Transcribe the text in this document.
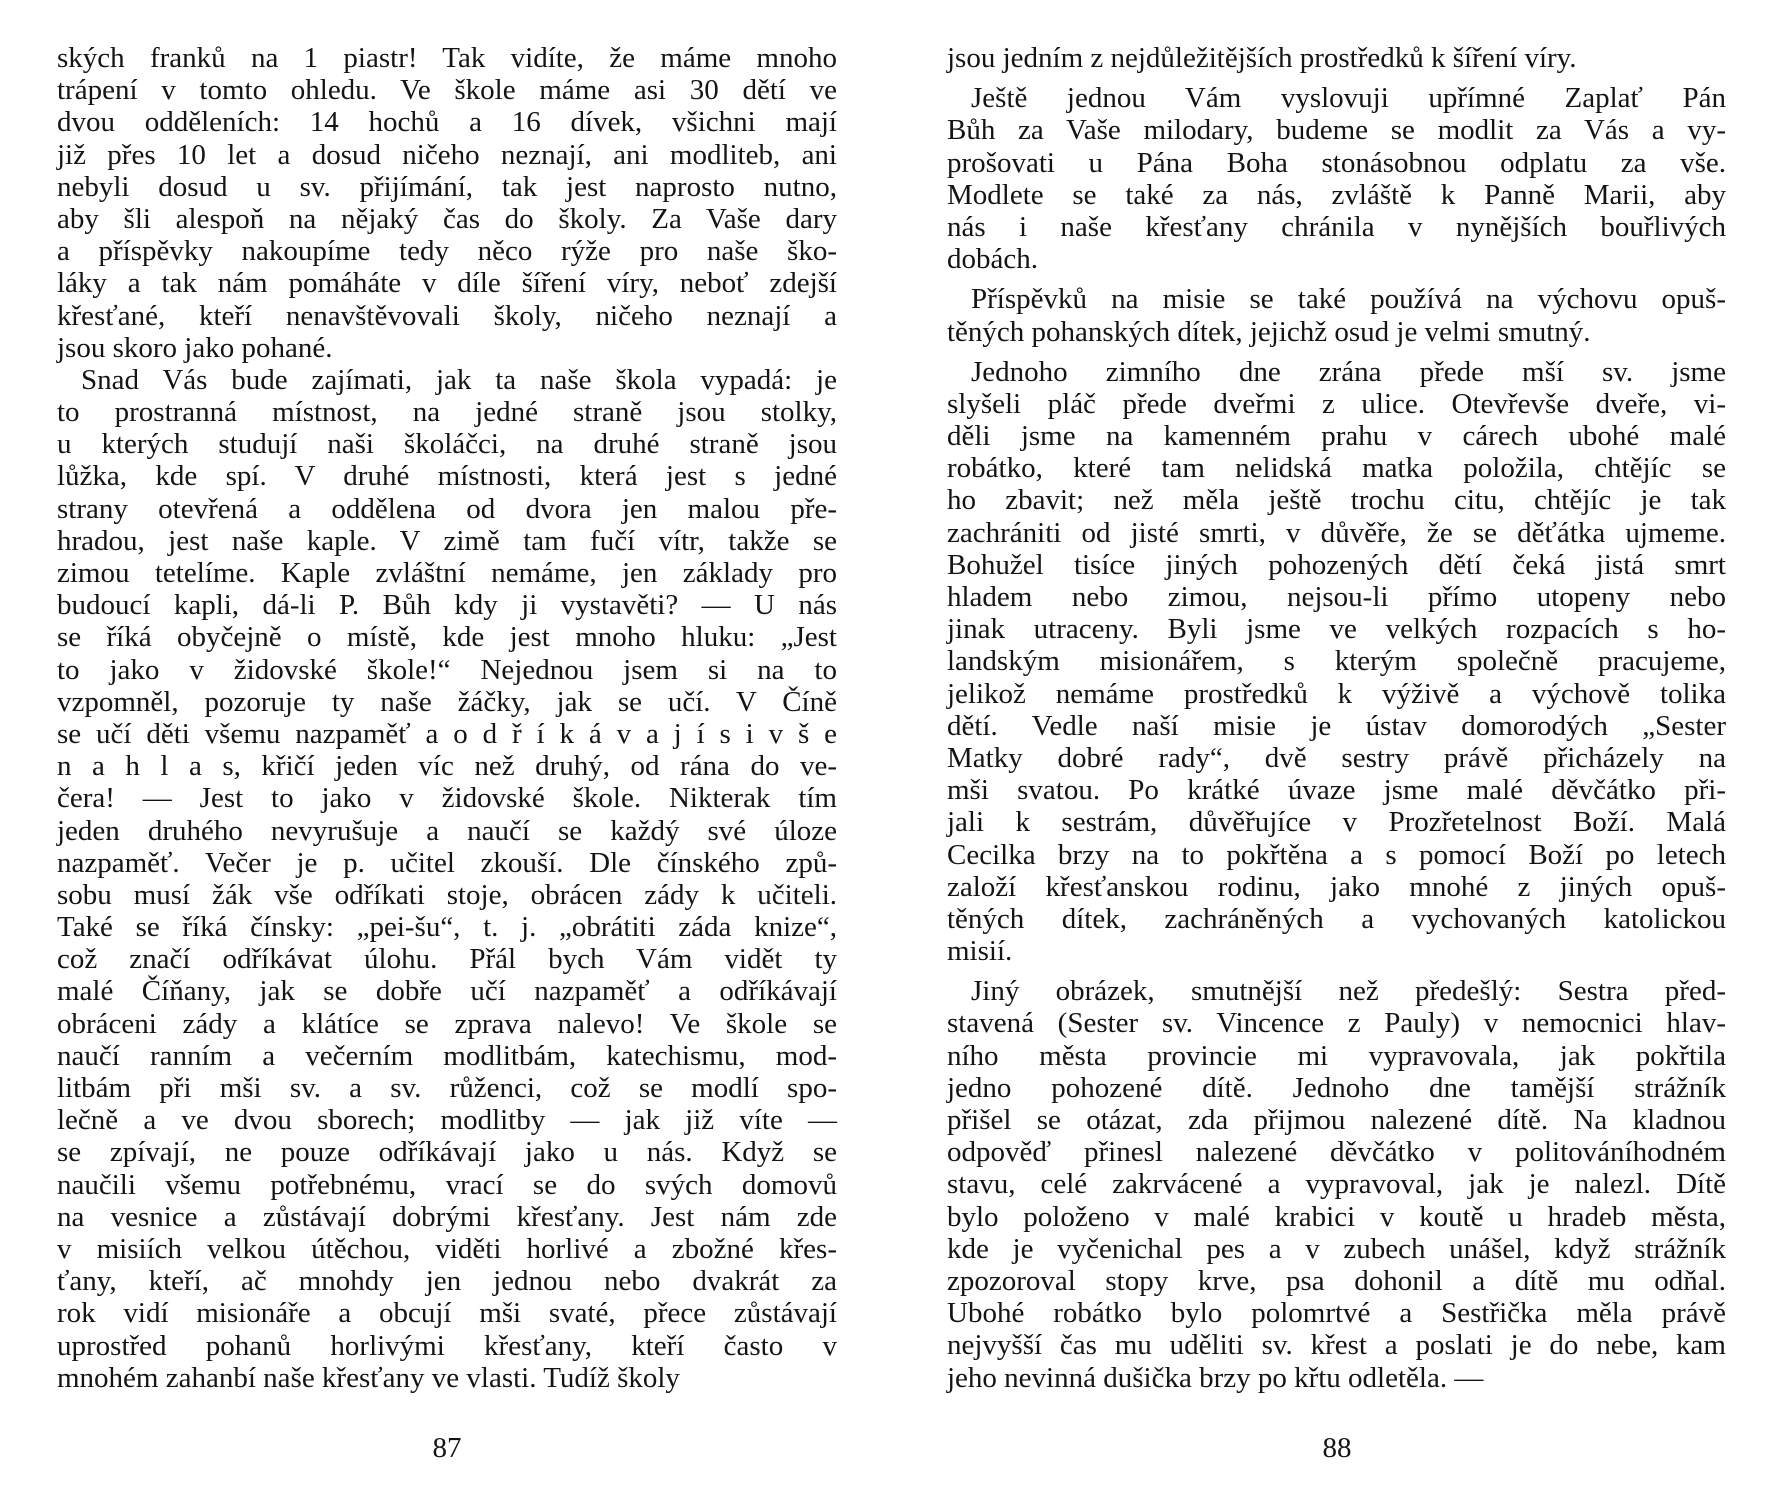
ských franků na 1 piastr! Tak vidíte, že máme mnoho
trápení v tomto ohledu. Ve škole máme asi 30 dětí ve
dvou odděleních: 14 hochů a 16 dívek, všichni mají
již přes 10 let a dosud ničeho neznají, ani modliteb, ani
nebyli dosud u sv. přijímání, tak jest naprosto nutno,
aby šli alespoň na nějaký čas do školy. Za Vaše dary
a příspěvky nakoupíme tedy něco rýže pro naše ško-
láky a tak nám pomáháte v díle šíření víry, neboť zdejší
křesťané, kteří nenavštěvovali školy, ničeho neznají a
jsou skoro jako pohané.
Snad Vás bude zajímati, jak ta naše škola vypadá: je
to prostranná místnost, na jedné straně jsou stolky,
u kterých studují naši školáčci, na druhé straně jsou
lůžka, kde spí. V druhé místnosti, která jest s jedné
strany otevřená a oddělena od dvora jen malou pře-
hradou, jest naše kaple. V zimě tam fučí vítr, takže se
zimou tetelíme. Kaple zvláštní nemáme, jen základy pro
budoucí kapli, dá-li P. Bůh kdy ji vystavěti? — U nás
se říká obyčejně o místě, kde jest mnoho hluku: „Jest
to jako v židovské škole!“ Nejednou jsem si na to
vzpomněl, pozoruje ty naše žáčky, jak se učí. V Číně
se učí děti všemu nazpaměť a o d ř í k á v a j í s i v š e
n a h l a s, křičí jeden víc než druhý, od rána do ve-
čera! — Jest to jako v židovské škole. Nikterak tím
jeden druhého nevyrušuje a naučí se každý své úloze
nazpaměť. Večer je p. učitel zkouší. Dle čínského způ-
sobu musí žák vše odříkati stoje, obrácen zády k učiteli.
Také se říká čínsky: „pei-šu“, t. j. „obrátiti záda knize“,
což značí odříkávat úlohu. Přál bych Vám vidět ty
malé Číňany, jak se dobře učí nazpaměť a odříkávají
obráceni zády a klátíce se zprava nalevo! Ve škole se
naučí ranním a večerním modlitbám, katechismu, mod-
litbám při mši sv. a sv. růženci, což se modlí spo-
lečně a ve dvou sborech; modlitby — jak již víte —
se zpívají, ne pouze odříkávají jako u nás. Když se
naučili všemu potřebnému, vrací se do svých domovů
na vesnice a zůstávají dobrými křesťany. Jest nám zde
v misiích velkou útěchou, viděti horlivé a zbožné křes-
ťany, kteří, ač mnohdy jen jednou nebo dvakrát za
rok vidí misionáře a obcují mši svaté, přece zůstávají
uprostřed pohanů horlivými křesťany, kteří často v
mnohém zahanbí naše křesťany ve vlasti. Tudíž školy
jsou jedním z nejdůležitějších prostředků k šíření víry.
Ještě jednou Vám vyslovuji upřímné Zaplať Pán
Bůh za Vaše milodary, budeme se modlit za Vás a vy-
prošovati u Pána Boha stonásobnou odplatu za vše.
Modlete se také za nás, zvláště k Panně Marii, aby
nás i naše křesťany chránila v nynějších bouřlivých
dobách.
Příspěvků na misie se také používá na výchovu opuš-
těných pohanských dítek, jejichž osud je velmi smutný.
Jednoho zimního dne zrána přede mší sv. jsme
slyšeli pláč přede dveřmi z ulice. Otevřevše dveře, vi-
děli jsme na kamenném prahu v cárech ubohé malé
robátko, které tam nelidská matka položila, chtějíc se
ho zbavit; než měla ještě trochu citu, chtějíc je tak
zachrániti od jisté smrti, v důvěře, že se děťátka ujmeme.
Bohužel tisíce jiných pohozených dětí čeká jistá smrt
hladem nebo zimou, nejsou-li přímo utopeny nebo
jinak utraceny. Byli jsme ve velkých rozpacích s ho-
landským misionářem, s kterým společně pracujeme,
jelikož nemáme prostředků k výživě a výchově tolika
dětí. Vedle naší misie je ústav domorodých „Sester
Matky dobré rady“, dvě sestry právě přicházely na
mši svatou. Po krátké úvaze jsme malé děvčátko při-
jali k sestrám, důvěřujíce v Prozřetelnost Boží. Malá
Cecilka brzy na to pokřtěna a s pomocí Boží po letech
založí křesťanskou rodinu, jako mnohé z jiných opuš-
těných dítek, zachráněných a vychovaných katolickou
misií.
Jiný obrázek, smutnější než předešlý: Sestra před-
stavená (Sester sv. Vincence z Pauly) v nemocnici hlav-
ního města provincie mi vypravovala, jak pokřtila
jedno pohozené dítě. Jednoho dne tamější strážník
přišel se otázat, zda přijmou nalezené dítě. Na kladnou
odpověď přinesl nalezené děvčátko v politováníhodném
stavu, celé zakrvácené a vypravoval, jak je nalezl. Dítě
bylo položeno v malé krabici v koutě u hradeb města,
kde je vyčenichal pes a v zubech unášel, když strážník
zpozoroval stopy krve, psa dohonil a dítě mu odňal.
Ubohé robátko bylo polomrtvé a Sestřička měla právě
nejvyšší čas mu uděliti sv. křest a poslati je do nebe, kam
jeho nevinná dušička brzy po křtu odletěla. —
87	88
